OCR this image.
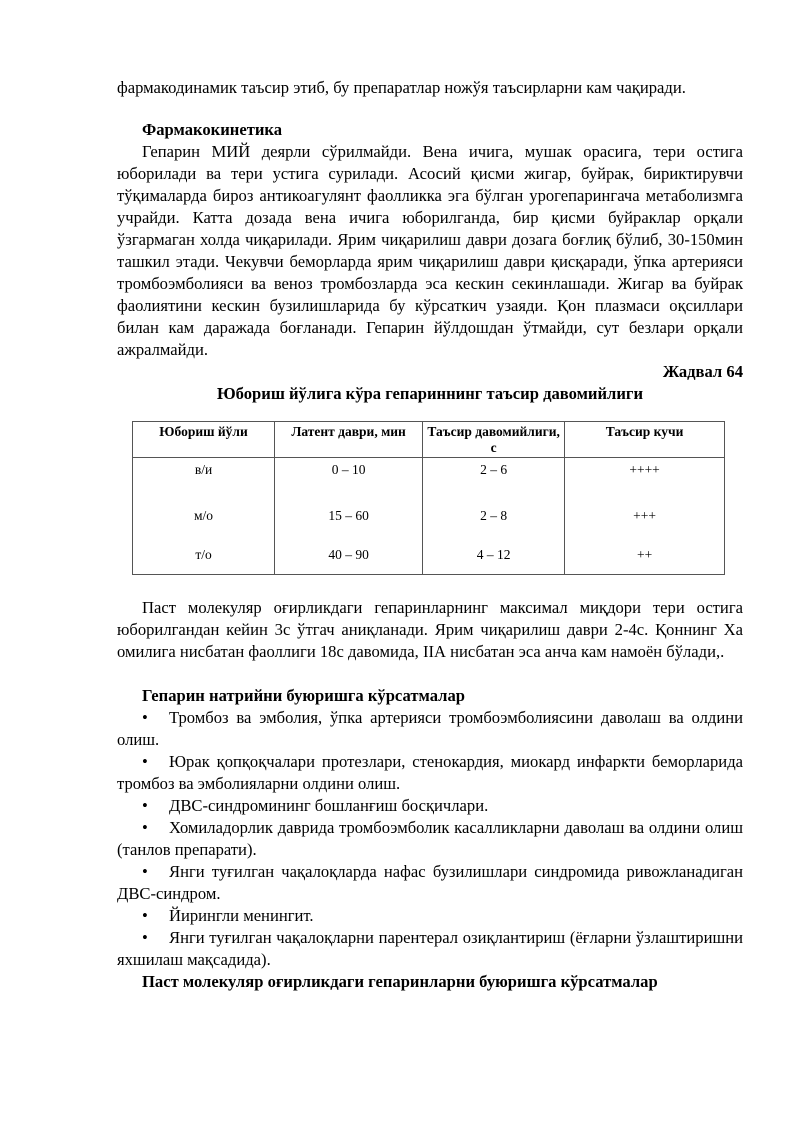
фармакодинамик таъсир этиб, бу препаратлар ножўя таъсирларни кам чақиради.

Фармакокинетика

Гепарин МИЙ деярли сўрилмайди. Вена ичига, мушак орасига, тери остига юборилади ва тери устига сурилади. Асосий қисми жигар, буйрак, бириктирувчи тўқималарда бироз антикоагулянт фаолликка эга бўлган урогепарингача метаболизмга учрайди. Катта дозада вена ичига юборилганда, бир қисми буйраклар орқали ўзгармаган холда чиқарилади. Ярим чиқарилиш даври дозага боғлиқ бўлиб, 30-150мин ташкил этади. Чекувчи беморларда ярим чиқарилиш даври қисқаради, ўпка артерияси тромбоэмболияси ва веноз тромбозларда эса кескин секинлашади. Жигар ва буйрак фаолиятини кескин бузилишларида бу кўрсаткич узаяди. Қон плазмаси оқсиллари билан кам даражада боғланади. Гепарин йўлдошдан ўтмайди, сут безлари орқали ажралмайди.

Жадвал 64

Юбориш йўлига кўра гепариннинг таъсир давомийлиги

Юбориш йўли	Латент даври, мин	Таъсир давомийлиги, с	Таъсир кучи
в/и	0 – 10	2 – 6	++++
м/о	15 – 60	2 – 8	+++
т/о	40 – 90	4 – 12	++

Паст молекуляр оғирликдаги гепаринларнинг максимал миқдори тери остига юборилгандан кейин 3с ўтгач аниқланади. Ярим чиқарилиш даври 2-4с. Қоннинг Ха омилига нисбатан фаоллиги 18с давомида, IIА нисбатан эса анча кам намоён бўлади,.

Гепарин натрийни буюришга кўрсатмалар

• Тромбоз ва эмболия, ўпка артерияси тромбоэмболиясини даволаш ва олдини олиш.
• Юрак қопқоқчалари протезлари, стенокардия, миокард инфаркти беморларида тромбоз ва эмболияларни олдини олиш.
• ДВС-синдромининг бошланғиш босқичлари.
• Хомиладорлик даврида тромбоэмболик касалликларни даволаш ва олдини олиш (танлов препарати).
• Янги туғилган чақалоқларда нафас бузилишлари синдромида ривожланадиган ДВС-синдром.
• Йирингли менингит.
• Янги туғилган чақалоқларни парентерал озиқлантириш (ёғларни ўзлаштиришни яхшилаш мақсадида).

Паст молекуляр оғирликдаги гепаринларни буюришга кўрсатмалар
